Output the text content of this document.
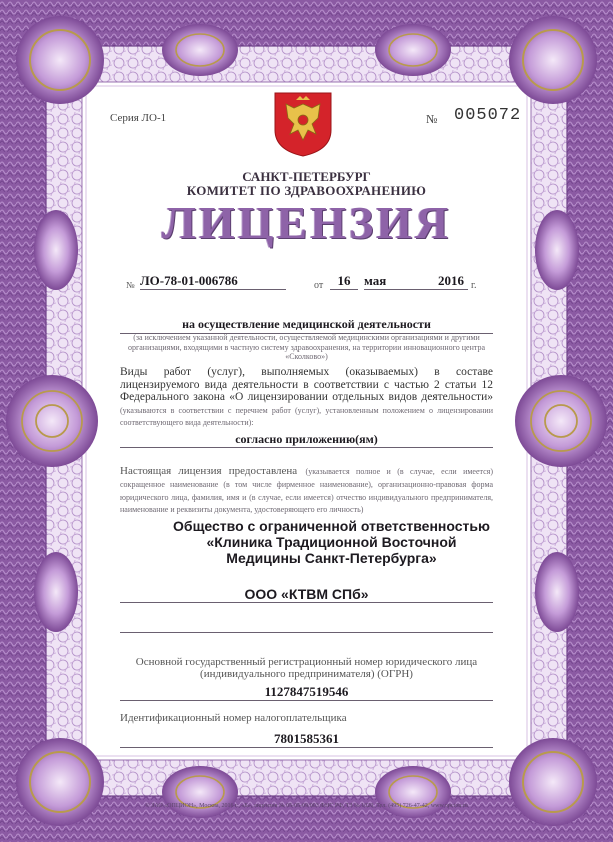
Серия ЛО-1	№ 005072
САНКТ-ПЕТЕРБУРГ
КОМИТЕТ ПО ЗДРАВООХРАНЕНИЮ
ЛИЦЕНЗИЯ
№ ЛО-78-01-006786	от	16	мая	2016 г.
на осуществление медицинской деятельности
(за исключением указанной деятельности, осуществляемой медицинскими организациями и другими организациями, входящими в частную систему здравоохранения, на территории инновационного центра «Сколково»)
Виды работ (услуг), выполняемых (оказываемых) в составе лицензируемого вида деятельности в соответствии с частью 2 статьи 12 Федерального закона «О лицензировании отдельных видов деятельности» (указываются в соответствии с перечнем работ (услуг), установленным положением о лицензировании соответствующего вида деятельности):
согласно приложению(ям)
Настоящая лицензия предоставлена (указывается полное и (в случае, если имеется) сокращенное наименование (в том числе фирменное наименование), организационно-правовая форма юридического лица, фамилия, имя и (в случае, если имеется) отчество индивидуального предпринимателя, наименование и реквизиты документа, удостоверяющего его личность)
Общество с ограниченной ответственностью «Клиника Традиционной Восточной Медицины Санкт-Петербурга»
ООО «КТВМ СПб»
Основной государственный регистрационный номер юридического лица (индивидуального предпринимателя) (ОГРН)
1127847519546
Идентификационный номер налогоплательщика
7801585361
© ЗАО «ОПЦИОН», Москва, 2016 г., «Б», лицензия № 05-05-09/003 ФНС РФ, ТЗ № 1020, Тел. (495) 726-47-42, www.opcion.ru
